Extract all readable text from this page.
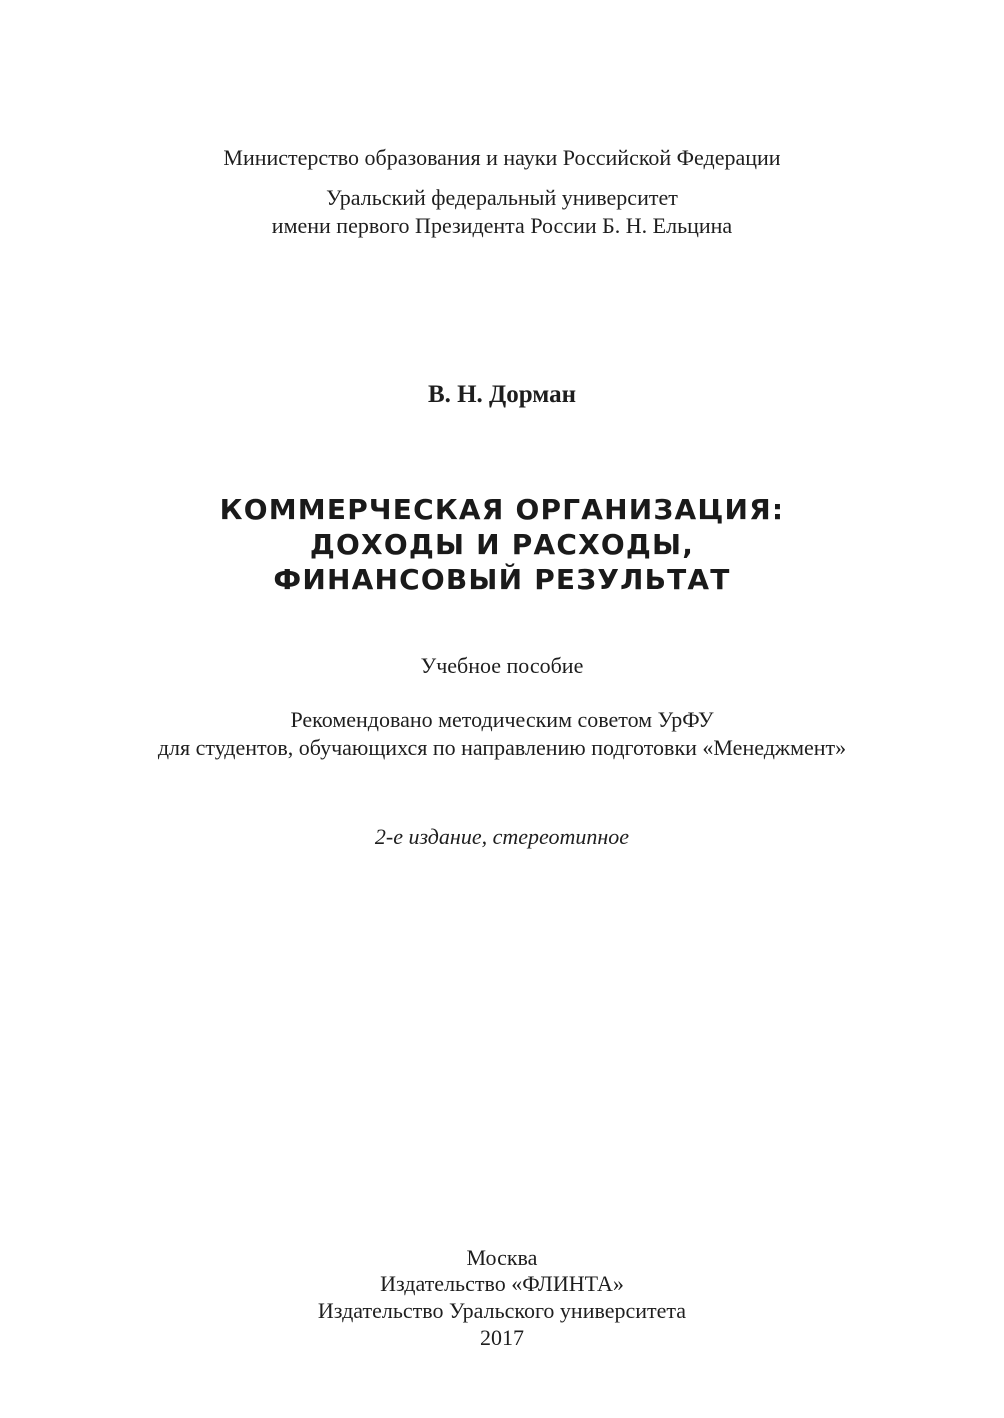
Министерство образования и науки Российской Федерации
Уральский федеральный университет
имени первого Президента России Б. Н. Ельцина
В. Н. Дорман
КОММЕРЧЕСКАЯ ОРГАНИЗАЦИЯ:
ДОХОДЫ И РАСХОДЫ,
ФИНАНСОВЫЙ РЕЗУЛЬТАТ
Учебное пособие
Рекомендовано методическим советом УрФУ
для студентов, обучающихся по направлению подготовки «Менеджмент»
2-е издание, стереотипное
Москва
Издательство «ФЛИНТА»
Издательство Уральского университета
2017
